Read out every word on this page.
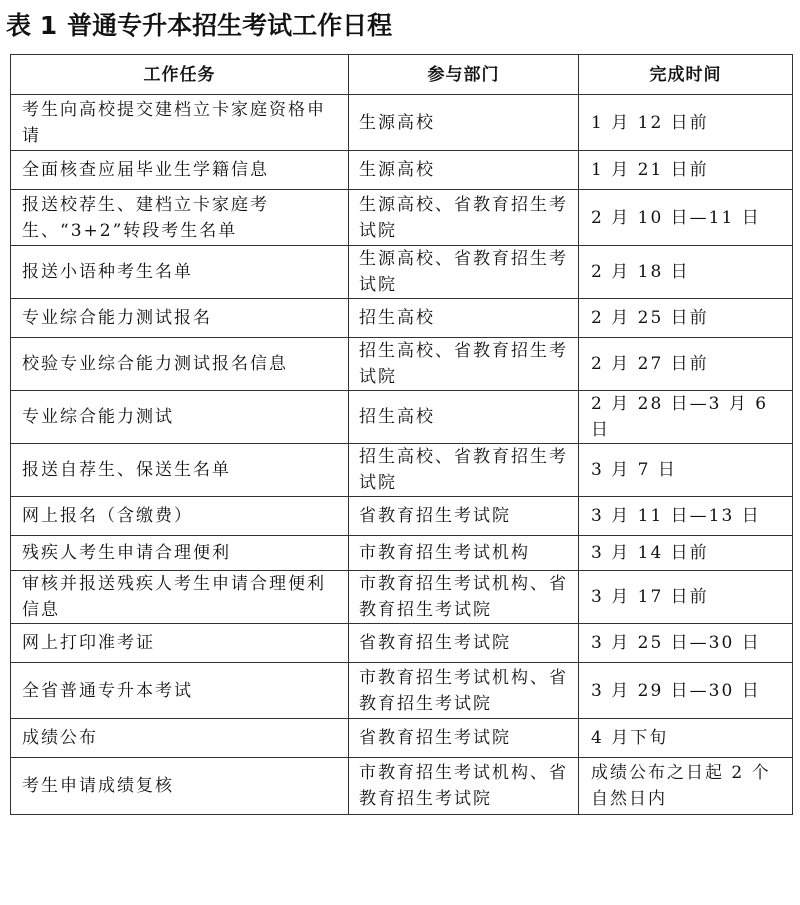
表 1 普通专升本招生考试工作日程
工作任务	参与部门	完成时间
考生向高校提交建档立卡家庭资格申请	生源高校	1 月 12 日前
全面核查应届毕业生学籍信息	生源高校	1 月 21 日前
报送校荐生、建档立卡家庭考生、“3+2”转段考生名单	生源高校、省教育招生考试院	2 月 10 日—11 日
报送小语种考生名单	生源高校、省教育招生考试院	2 月 18 日
专业综合能力测试报名	招生高校	2 月 25 日前
校验专业综合能力测试报名信息	招生高校、省教育招生考试院	2 月 27 日前
专业综合能力测试	招生高校	2 月 28 日—3 月 6 日
报送自荐生、保送生名单	招生高校、省教育招生考试院	3 月 7 日
网上报名（含缴费）	省教育招生考试院	3 月 11 日—13 日
残疾人考生申请合理便利	市教育招生考试机构	3 月 14 日前
审核并报送残疾人考生申请合理便利信息	市教育招生考试机构、省教育招生考试院	3 月 17 日前
网上打印准考证	省教育招生考试院	3 月 25 日—30 日
全省普通专升本考试	市教育招生考试机构、省教育招生考试院	3 月 29 日—30 日
成绩公布	省教育招生考试院	4 月下旬
考生申请成绩复核	市教育招生考试机构、省教育招生考试院	成绩公布之日起 2 个自然日内
